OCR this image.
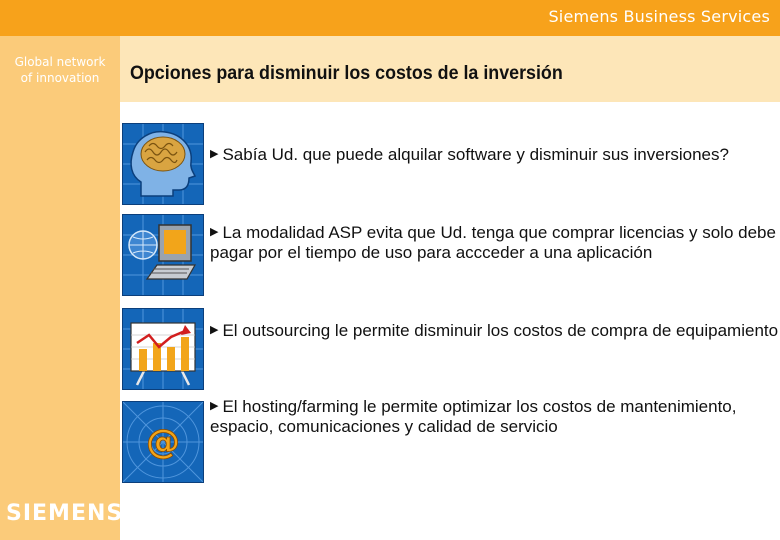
Siemens Business Services
Global network
of innovation
SIEMENS
Opciones para disminuir los costos de la inversión
@
▶ Sabía Ud. que puede alquilar software y disminuir sus inversiones?
▶ La modalidad ASP evita que Ud. tenga que comprar licencias y solo debe pagar por el tiempo de uso para accceder a una aplicación
▶ El outsourcing le permite disminuir los costos de compra de equipamiento
▶ El hosting/farming le permite optimizar los costos de mantenimiento, espacio, comunicaciones y calidad de servicio
